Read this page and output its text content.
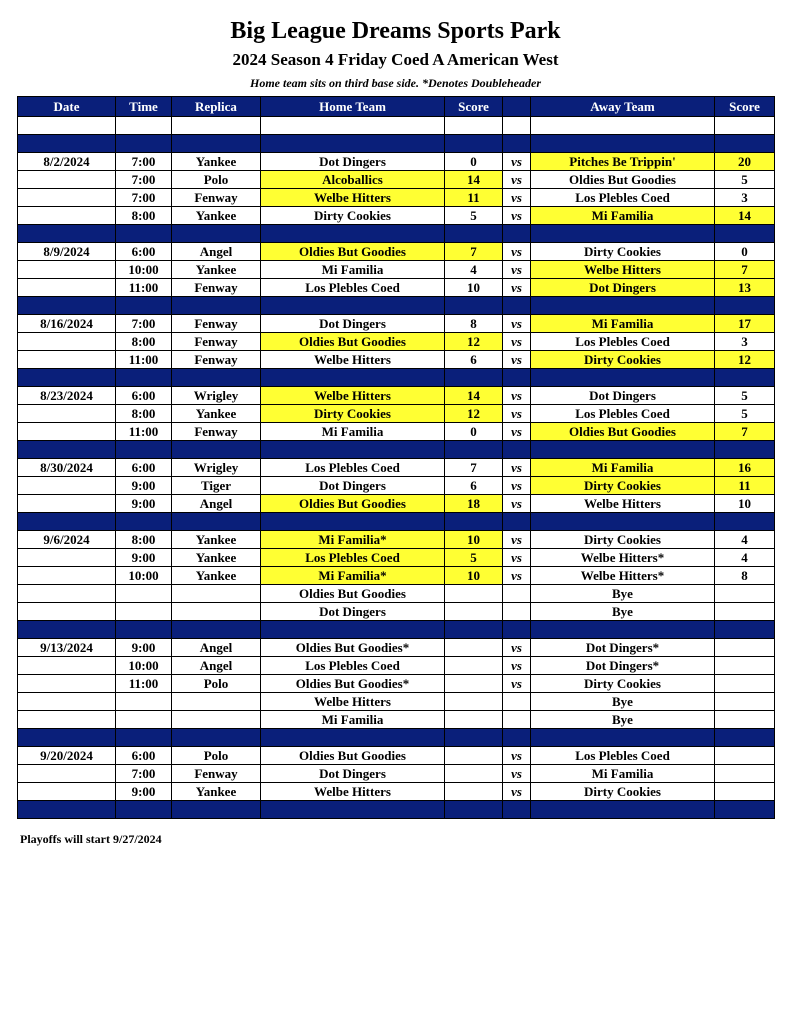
Big League Dreams Sports Park
2024 Season 4 Friday Coed A American West
Home team sits on third base side. *Denotes Doubleheader
Date	Time	Replica	Home Team	Score		Away Team	Score

8/2/2024	7:00	Yankee	Dot Dingers	0	vs	Pitches Be Trippin'	20
	7:00	Polo	Alcoballics	14	vs	Oldies But Goodies	5
	7:00	Fenway	Welbe Hitters	11	vs	Los Plebles Coed	3
	8:00	Yankee	Dirty Cookies	5	vs	Mi Familia	14

8/9/2024	6:00	Angel	Oldies But Goodies	7	vs	Dirty Cookies	0
	10:00	Yankee	Mi Familia	4	vs	Welbe Hitters	7
	11:00	Fenway	Los Plebles Coed	10	vs	Dot Dingers	13

8/16/2024	7:00	Fenway	Dot Dingers	8	vs	Mi Familia	17
	8:00	Fenway	Oldies But Goodies	12	vs	Los Plebles Coed	3
	11:00	Fenway	Welbe Hitters	6	vs	Dirty Cookies	12

8/23/2024	6:00	Wrigley	Welbe Hitters	14	vs	Dot Dingers	5
	8:00	Yankee	Dirty Cookies	12	vs	Los Plebles Coed	5
	11:00	Fenway	Mi Familia	0	vs	Oldies But Goodies	7

8/30/2024	6:00	Wrigley	Los Plebles Coed	7	vs	Mi Familia	16
	9:00	Tiger	Dot Dingers	6	vs	Dirty Cookies	11
	9:00	Angel	Oldies But Goodies	18	vs	Welbe Hitters	10

9/6/2024	8:00	Yankee	Mi Familia*	10	vs	Dirty Cookies	4
	9:00	Yankee	Los Plebles Coed	5	vs	Welbe Hitters*	4
	10:00	Yankee	Mi Familia*	10	vs	Welbe Hitters*	8
			Oldies But Goodies			Bye	
			Dot Dingers			Bye	

9/13/2024	9:00	Angel	Oldies But Goodies*		vs	Dot Dingers*	
	10:00	Angel	Los Plebles Coed		vs	Dot Dingers*	
	11:00	Polo	Oldies But Goodies*		vs	Dirty Cookies	
			Welbe Hitters			Bye	
			Mi Familia			Bye	

9/20/2024	6:00	Polo	Oldies But Goodies		vs	Los Plebles Coed	
	7:00	Fenway	Dot Dingers		vs	Mi Familia	
	9:00	Yankee	Welbe Hitters		vs	Dirty Cookies	

Playoffs will start 9/27/2024
